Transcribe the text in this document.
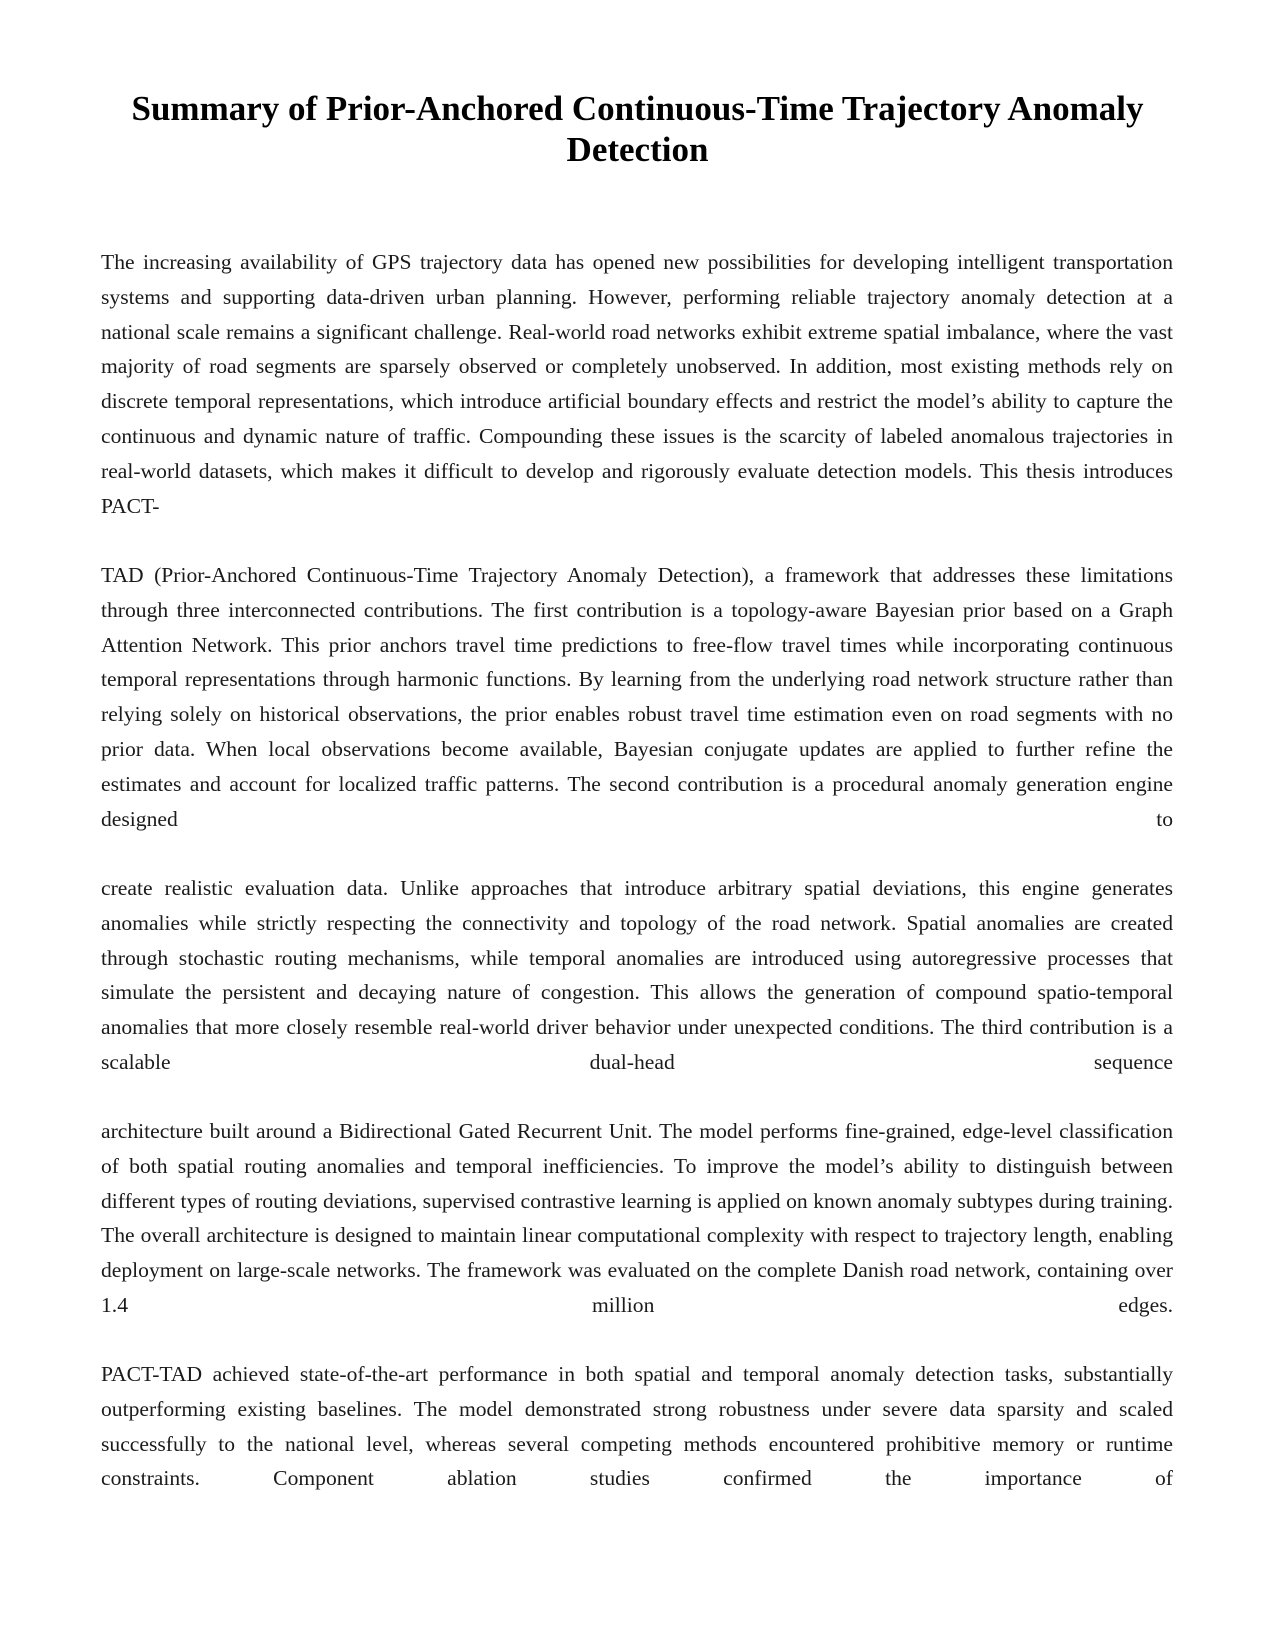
Summary of Prior-Anchored Continuous-Time Trajectory Anomaly Detection

The increasing availability of GPS trajectory data has opened new possibilities for developing intelligent transportation systems and supporting data-driven urban planning. However, performing reliable trajectory anomaly detection at a national scale remains a significant challenge. Real-world road networks exhibit extreme spatial imbalance, where the vast majority of road segments are sparsely observed or completely unobserved. In addition, most existing methods rely on discrete temporal representations, which introduce artificial boundary effects and restrict the model’s ability to capture the continuous and dynamic nature of traffic. Compounding these issues is the scarcity of labeled anomalous trajectories in real-world datasets, which makes it difficult to develop and rigorously evaluate detection models. This thesis introduces PACT-

TAD (Prior-Anchored Continuous-Time Trajectory Anomaly Detection), a framework that addresses these limitations through three interconnected contributions. The first contribution is a topology-aware Bayesian prior based on a Graph Attention Network. This prior anchors travel time predictions to free-flow travel times while incorporating continuous temporal representations through harmonic functions. By learning from the underlying road network structure rather than relying solely on historical observations, the prior enables robust travel time estimation even on road segments with no prior data. When local observations become available, Bayesian conjugate updates are applied to further refine the estimates and account for localized traffic patterns. The second contribution is a procedural anomaly generation engine designed to

create realistic evaluation data. Unlike approaches that introduce arbitrary spatial deviations, this engine generates anomalies while strictly respecting the connectivity and topology of the road network. Spatial anomalies are created through stochastic routing mechanisms, while temporal anomalies are introduced using autoregressive processes that simulate the persistent and decaying nature of congestion. This allows the generation of compound spatio-temporal anomalies that more closely resemble real-world driver behavior under unexpected conditions. The third contribution is a scalable dual-head sequence

architecture built around a Bidirectional Gated Recurrent Unit. The model performs fine-grained, edge-level classification of both spatial routing anomalies and temporal inefficiencies. To improve the model’s ability to distinguish between different types of routing deviations, supervised contrastive learning is applied on known anomaly subtypes during training. The overall architecture is designed to maintain linear computational complexity with respect to trajectory length, enabling deployment on large-scale networks. The framework was evaluated on the complete Danish road network, containing over 1.4 million edges.

PACT-TAD achieved state-of-the-art performance in both spatial and temporal anomaly detection tasks, substantially outperforming existing baselines. The model demonstrated strong robustness under severe data sparsity and scaled successfully to the national level, whereas several competing methods encountered prohibitive memory or runtime constraints. Component ablation studies confirmed the importance of
